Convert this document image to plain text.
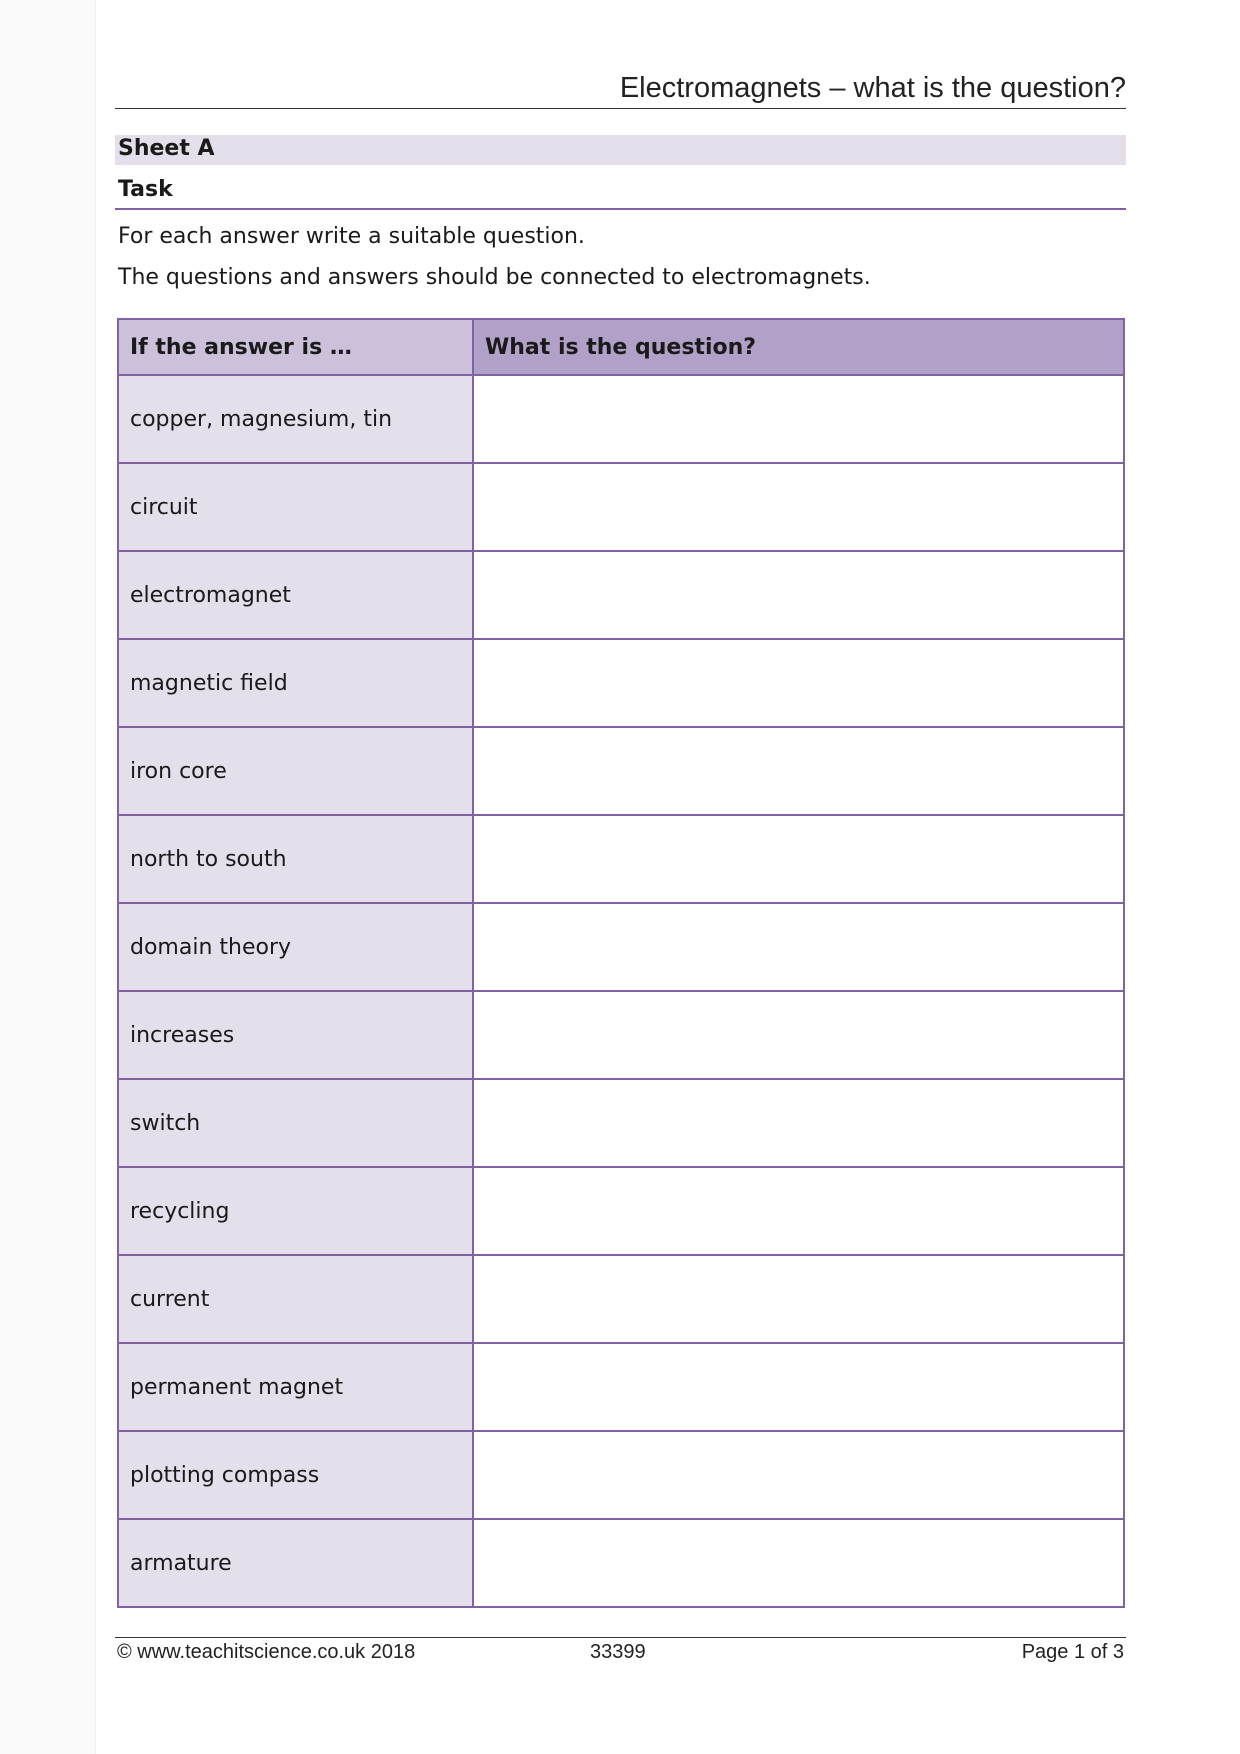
Electromagnets – what is the question?
Sheet A
Task
For each answer write a suitable question.
The questions and answers should be connected to electromagnets.
If the answer is …	What is the question?
copper, magnesium, tin	
circuit	
electromagnet	
magnetic field	
iron core	
north to south	
domain theory	
increases	
switch	
recycling	
current	
permanent magnet	
plotting compass	
armature	
© www.teachitscience.co.uk 2018	33399	Page 1 of 3
